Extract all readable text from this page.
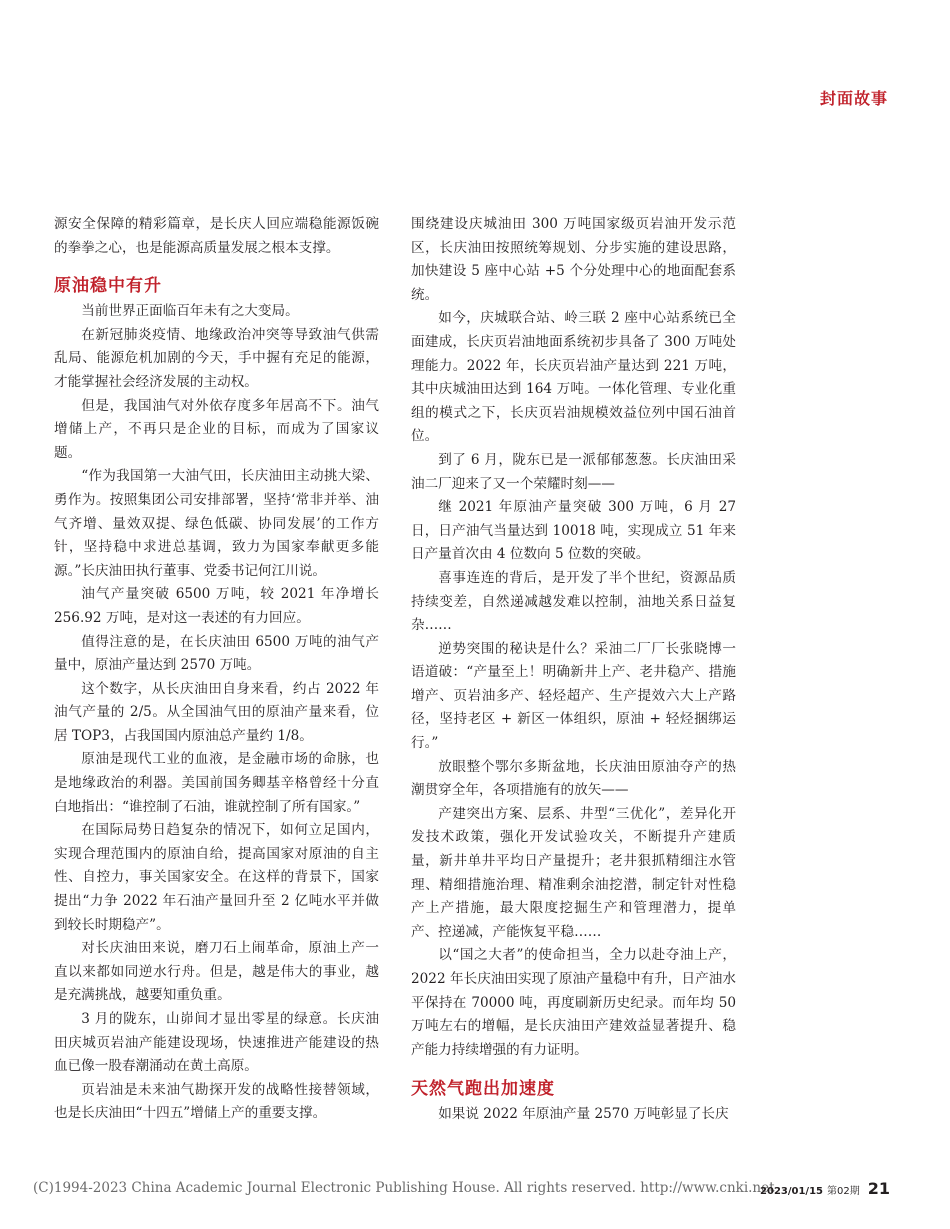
封面故事

源安全保障的精彩篇章，是长庆人回应端稳能源饭碗的拳拳之心，也是能源高质量发展之根本支撑。

原油稳中有升

当前世界正面临百年未有之大变局。

在新冠肺炎疫情、地缘政治冲突等导致油气供需乱局、能源危机加剧的今天，手中握有充足的能源，才能掌握社会经济发展的主动权。

但是，我国油气对外依存度多年居高不下。油气增储上产，不再只是企业的目标，而成为了国家议题。

“作为我国第一大油气田，长庆油田主动挑大梁、勇作为。按照集团公司安排部署，坚持‘常非并举、油气齐增、量效双提、绿色低碳、协同发展’的工作方针，坚持稳中求进总基调，致力为国家奉献更多能源。”长庆油田执行董事、党委书记何江川说。

油气产量突破 6500 万吨，较 2021 年净增长 256.92 万吨，是对这一表述的有力回应。

值得注意的是，在长庆油田 6500 万吨的油气产量中，原油产量达到 2570 万吨。

这个数字，从长庆油田自身来看，约占 2022 年油气产量的 2/5。从全国油气田的原油产量来看，位居 TOP3，占我国国内原油总产量约 1/8。

原油是现代工业的血液，是金融市场的命脉，也是地缘政治的利器。美国前国务卿基辛格曾经十分直白地指出：“谁控制了石油，谁就控制了所有国家。”

在国际局势日趋复杂的情况下，如何立足国内，实现合理范围内的原油自给，提高国家对原油的自主性、自控力，事关国家安全。在这样的背景下，国家提出“力争 2022 年石油产量回升至 2 亿吨水平并做到较长时期稳产”。

对长庆油田来说，磨刀石上闹革命，原油上产一直以来都如同逆水行舟。但是，越是伟大的事业，越是充满挑战，越要知重负重。

3 月的陇东，山峁间才显出零星的绿意。长庆油田庆城页岩油产能建设现场，快速推进产能建设的热血已像一股春潮涌动在黄土高原。

页岩油是未来油气勘探开发的战略性接替领域，也是长庆油田“十四五”增储上产的重要支撑。

围绕建设庆城油田 300 万吨国家级页岩油开发示范区，长庆油田按照统筹规划、分步实施的建设思路，加快建设 5 座中心站 +5 个分处理中心的地面配套系统。

如今，庆城联合站、岭三联 2 座中心站系统已全面建成，长庆页岩油地面系统初步具备了 300 万吨处理能力。2022 年，长庆页岩油产量达到 221 万吨，其中庆城油田达到 164 万吨。一体化管理、专业化重组的模式之下，长庆页岩油规模效益位列中国石油首位。

到了 6 月，陇东已是一派郁郁葱葱。长庆油田采油二厂迎来了又一个荣耀时刻——

继 2021 年原油产量突破 300 万吨，6 月 27 日，日产油气当量达到 10018 吨，实现成立 51 年来日产量首次由 4 位数向 5 位数的突破。

喜事连连的背后，是开发了半个世纪，资源品质持续变差，自然递减越发难以控制，油地关系日益复杂……

逆势突围的秘诀是什么？采油二厂厂长张晓博一语道破：“产量至上！明确新井上产、老井稳产、措施增产、页岩油多产、轻烃超产、生产提效六大上产路径，坚持老区 + 新区一体组织，原油 + 轻烃捆绑运行。”

放眼整个鄂尔多斯盆地，长庆油田原油夺产的热潮贯穿全年，各项措施有的放矢——

产建突出方案、层系、井型“三优化”，差异化开发技术政策，强化开发试验攻关，不断提升产建质量，新井单井平均日产量提升；老井狠抓精细注水管理、精细措施治理、精准剩余油挖潜，制定针对性稳产上产措施，最大限度挖掘生产和管理潜力，提单产、控递减，产能恢复平稳……

以“国之大者”的使命担当，全力以赴夺油上产，2022 年长庆油田实现了原油产量稳中有升，日产油水平保持在 70000 吨，再度刷新历史纪录。而年均 50 万吨左右的增幅，是长庆油田产建效益显著提升、稳产能力持续增强的有力证明。

天然气跑出加速度

如果说 2022 年原油产量 2570 万吨彰显了长庆

(C)1994-2023 China Academic Journal Electronic Publishing House. All rights reserved. http://www.cnki.net
2023/01/15 第02期 21
